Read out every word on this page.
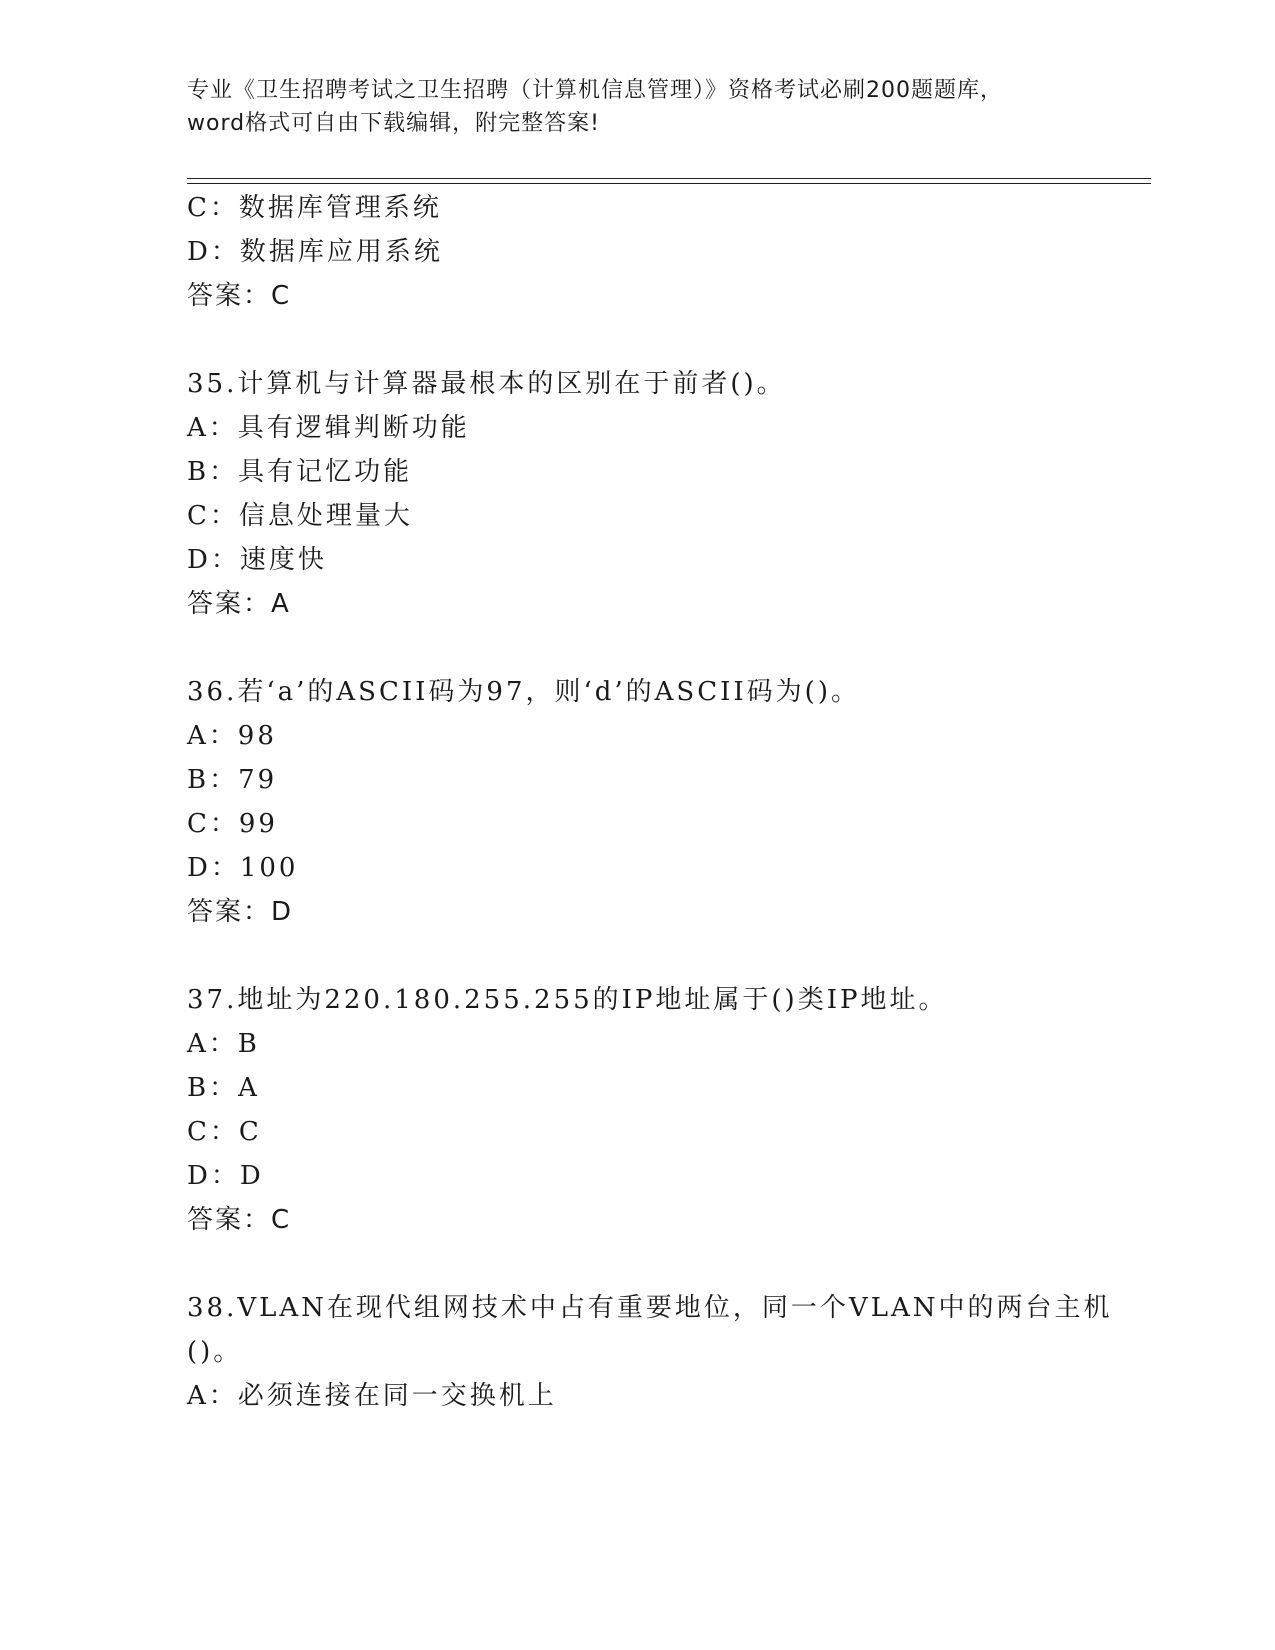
专业《卫生招聘考试之卫生招聘（计算机信息管理）》资格考试必刷200题题库，
word格式可自由下载编辑，附完整答案!
C：数据库管理系统
D：数据库应用系统
答案：C
35.计算机与计算器最根本的区别在于前者()。
A：具有逻辑判断功能
B：具有记忆功能
C：信息处理量大
D：速度快
答案：A
36.若‘a’的ASCII码为97，则‘d’的ASCII码为()。
A：98
B：79
C：99
D：100
答案：D
37.地址为220.180.255.255的IP地址属于()类IP地址。
A：B
B：A
C：C
D：D
答案：C
38.VLAN在现代组网技术中占有重要地位，同一个VLAN中的两台主机
()。
A：必须连接在同一交换机上
